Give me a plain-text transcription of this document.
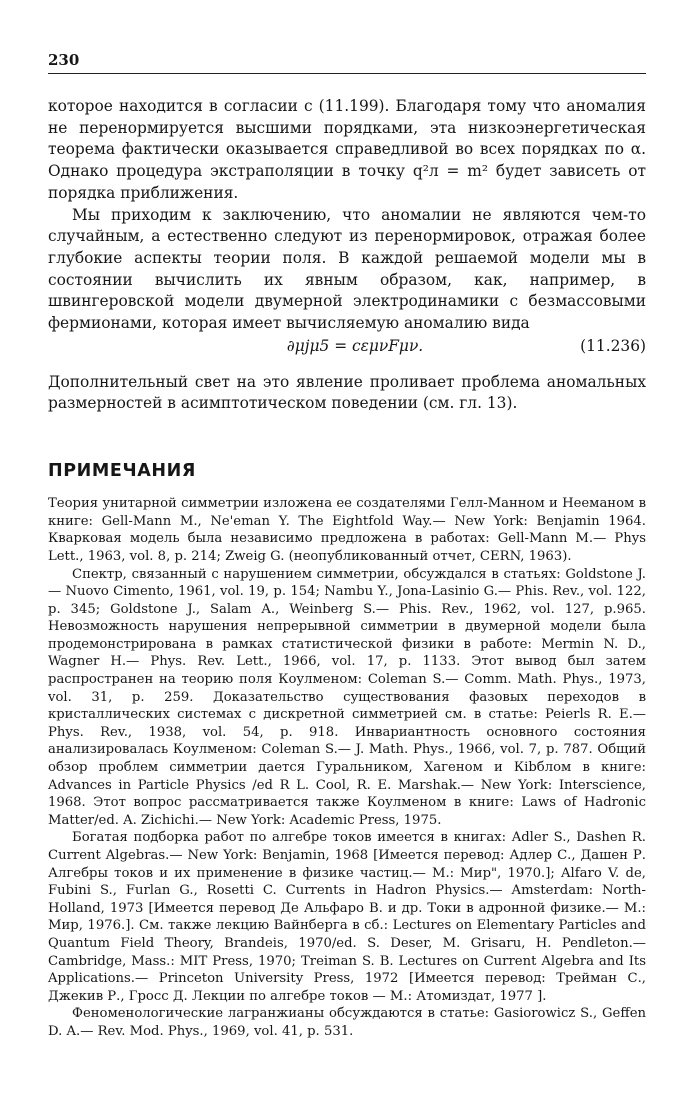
230

которое находится в согласии с (11.199). Благодаря тому что аномалия не перенормируется высшими порядками, эта низкоэнергетическая теорема фактически оказывается справедливой во всех порядках по α. Однако процедура экстраполяции в точку q²л = m² будет зависеть от порядка приближения.

Мы приходим к заключению, что аномалии не являются чем-то случайным, а естественно следуют из перенормировок, отражая более глубокие аспекты теории поля. В каждой решаемой модели мы в состоянии вычислить их явным образом, как, например, в швингеровской модели двумерной электродинамики с безмассовыми фермионами, которая имеет вычисляемую аномалию вида

∂μjμ5 = cεμνFμν.	(11.236)

Дополнительный свет на это явление проливает проблема аномальных размерностей в асимптотическом поведении (см. гл. 13).

ПРИМЕЧАНИЯ

Теория унитарной симметрии изложена ее создателями Гелл-Манном и Нееманом в книге: Gell-Mann M., Ne'eman Y. The Eightfold Way.— New York: Benjamin 1964. Кварковая модель была независимо предложена в работах: Gell-Mann M.— Phys Lett., 1963, vol. 8, p. 214; Zweig G. (неопубликованный отчет, CERN, 1963).

Спектр, связанный с нарушением симметрии, обсуждался в статьях: Goldstone J.— Nuovo Cimento, 1961, vol. 19, p. 154; Nambu Y., Jona-Lasinio G.— Phis. Rev., vol. 122, p. 345; Goldstone J., Salam A., Weinberg S.— Phis. Rev., 1962, vol. 127, p.965. Невозможность нарушения непрерывной симметрии в двумерной модели была продемонстрирована в рамках статистической физики в работе: Mermin N. D., Wagner H.— Phys. Rev. Lett., 1966, vol. 17, p. 1133. Этот вывод был затем распространен на теорию поля Коулменом: Coleman S.— Comm. Math. Phys., 1973, vol. 31, p. 259. Доказательство существования фазовых переходов в кристаллических системах с дискретной симметрией см. в статье: Peierls R. E.— Phys. Rev., 1938, vol. 54, p. 918. Инвариантность основного состояния анализировалась Коулменом: Coleman S.— J. Math. Phys., 1966, vol. 7, p. 787. Общий обзор проблем симметрии дается Гуральником, Хагеном и Кibблом в книге: Advances in Particle Physics /ed R L. Cool, R. E. Marshak.— New York: Interscience, 1968. Этот вопрос рассматривается также Коулменом в книге: Laws of Hadronic Matter/ed. A. Zichichi.— New York: Academic Press, 1975.

Богатая подборка работ по алгебре токов имеется в книгах: Adler S., Dashen R. Current Algebras.— New York: Benjamin, 1968 [Имеется перевод: Адлер С., Дашен Р. Алгебры токов и их применение в физике частиц.— М.: Мир", 1970.]; Alfaro V. de, Fubini S., Furlan G., Rosetti C. Currents in Hadron Physics.— Amsterdam: North-Holland, 1973 [Имеется перевод Де Альфаро В. и др. Токи в адронной физике.— М.: Мир, 1976.]. См. также лекцию Вайнберга в сб.: Lectures on Elementary Particles and Quantum Field Theory, Brandeis, 1970/ed. S. Deser, M. Grisaru, H. Pendleton.— Cambridge, Mass.: MIT Press, 1970; Treiman S. B. Lectures on Current Algebra and Its Applications.— Princeton University Press, 1972 [Имеется перевод: Трейман С., Джекив Р., Гросс Д. Лекции по алгебре токов — М.: Атомиздат, 1977 ].

Феноменологические лагранжианы обсуждаются в статье: Gasiorowicz S., Geffen D. A.— Rev. Mod. Phys., 1969, vol. 41, p. 531.
